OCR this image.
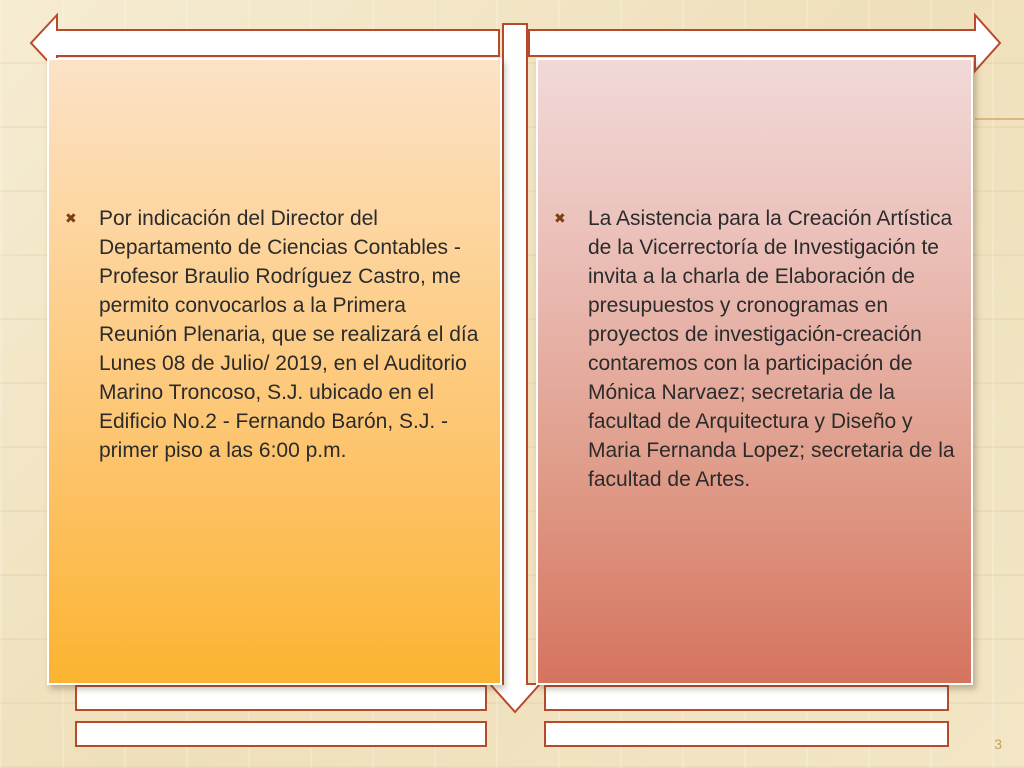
✖	Por indicación del Director del Departamento de Ciencias Contables - Profesor Braulio Rodríguez Castro, me permito convocarlos a la Primera Reunión Plenaria, que se realizará el día Lunes 08 de Julio/ 2019, en el Auditorio Marino Troncoso, S.J. ubicado en el Edificio No.2 - Fernando Barón, S.J. - primer piso a las 6:00 p.m.
✖	La Asistencia para la Creación Artística de la Vicerrectoría de Investigación te invita a la charla de Elaboración de presupuestos y cronogramas en proyectos de investigación-creación contaremos con la participación de Mónica Narvaez; secretaria de la facultad de Arquitectura y Diseño y Maria Fernanda Lopez; secretaria de la facultad de Artes.
3
